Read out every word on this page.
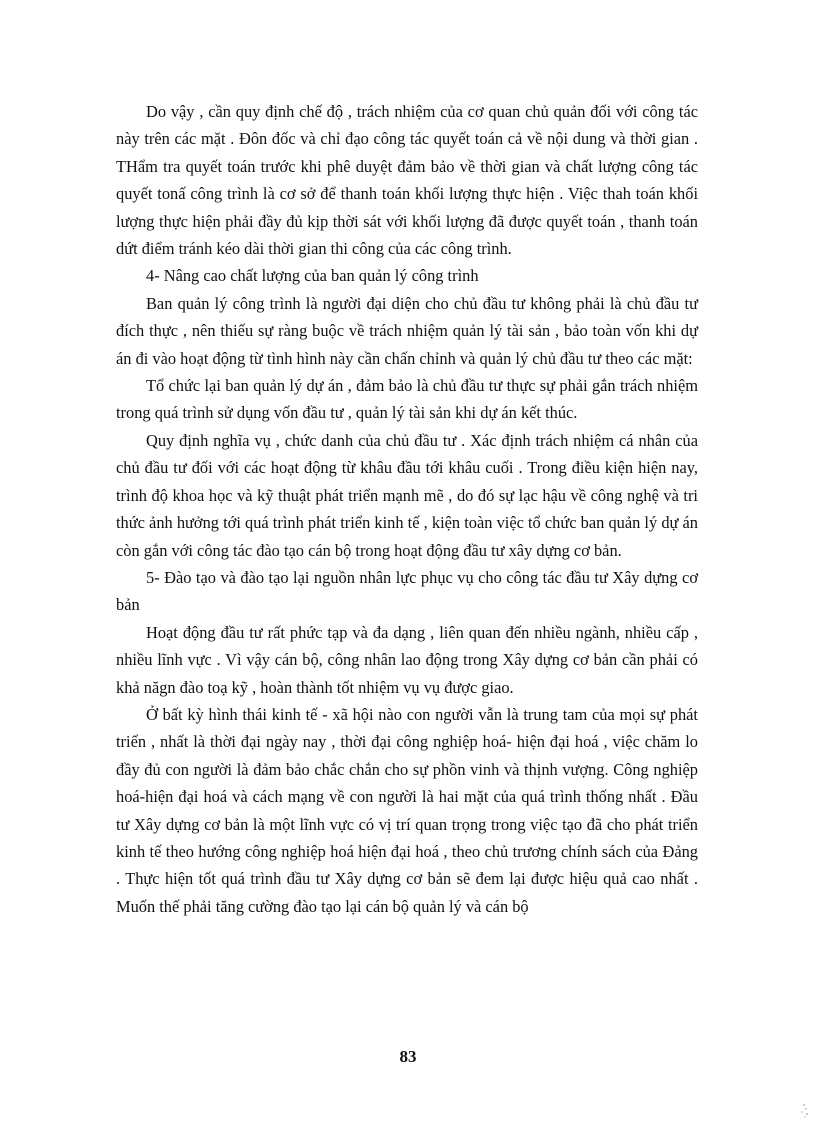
Do vậy , cần quy định chế độ , trách nhiệm của cơ quan chủ quản đối với công tác này trên các mặt . Đôn đốc và chỉ đạo công tác quyết toán cả về nội dung và thời gian . THẩm tra quyết toán trước khi phê duyệt đảm bảo về thời gian và chất lượng công tác quyết tonấ công trình là cơ sở để thanh toán khối lượng thực hiện . Việc thah toán khối lượng thực hiện phải đầy đủ kịp thời sát với khối lượng đã được quyết toán , thanh toán dứt điểm tránh kéo dài thời gian thi công của các công trình.

4- Nâng cao chất lượng của ban quản lý công trình

Ban quản lý công trình là người đại diện cho chủ đầu tư không phải là chủ đầu tư đích thực , nên thiếu sự ràng buộc về trách nhiệm quản lý tài sản , bảo toàn vốn khi dự án đi vào hoạt động từ tình hình này cần chấn chỉnh và quản lý chủ đầu tư theo các mặt:

Tổ chức lại ban quản lý dự án , đảm bảo là chủ đầu tư thực sự phải gắn trách nhiệm trong quá trình sử dụng vốn đầu tư , quản lý tài sản khi dự án kết thúc.

Quy định nghĩa vụ , chức danh của chủ đầu tư . Xác định trách nhiệm cá nhân của chủ đầu tư đối với các hoạt động từ khâu đầu tới khâu cuối . Trong điều kiện hiện nay, trình độ khoa học và kỹ thuật phát triển mạnh mẽ , do đó sự lạc hậu về công nghệ và tri thức ảnh hưởng tới quá trình phát triển kinh tế , kiện toàn việc tổ chức ban quản lý dự án còn gắn với công tác đào tạo cán bộ trong hoạt động đầu tư xây dựng cơ bản.

5- Đào tạo và đào tạo lại nguồn nhân lực phục vụ cho công tác đầu tư Xây dựng cơ bản

Hoạt động đầu tư rất phức tạp và đa dạng , liên quan đến nhiều ngành, nhiều cấp , nhiều lĩnh vực . Vì vậy cán bộ, công nhân lao động trong Xây dựng cơ bản cần phải có khả năgn đào toạ kỹ , hoàn thành tốt nhiệm vụ vụ được giao.

Ở bất kỳ hình thái kinh tế - xã hội nào con người vẫn là trung tam của mọi sự phát triển , nhất là thời đại ngày nay , thời đại công nghiệp hoá- hiện đại hoá , việc chăm lo đầy đủ con người là đảm bảo chắc chắn cho sự phồn vinh và thịnh vượng. Công nghiệp hoá-hiện đại hoá và cách mạng về con người là hai mặt của quá trình thống nhất . Đầu tư Xây dựng cơ bản là một lĩnh vực có vị trí quan trọng trong việc tạo đã cho phát triển kinh tế theo hướng công nghiệp hoá hiện đại hoá , theo chủ trương chính sách của Đảng . Thực hiện tốt quá trình đầu tư Xây dựng cơ bản sẽ đem lại được hiệu quả cao nhất . Muốn thế phải tăng cường đào tạo lại cán bộ quản lý và cán bộ

83
